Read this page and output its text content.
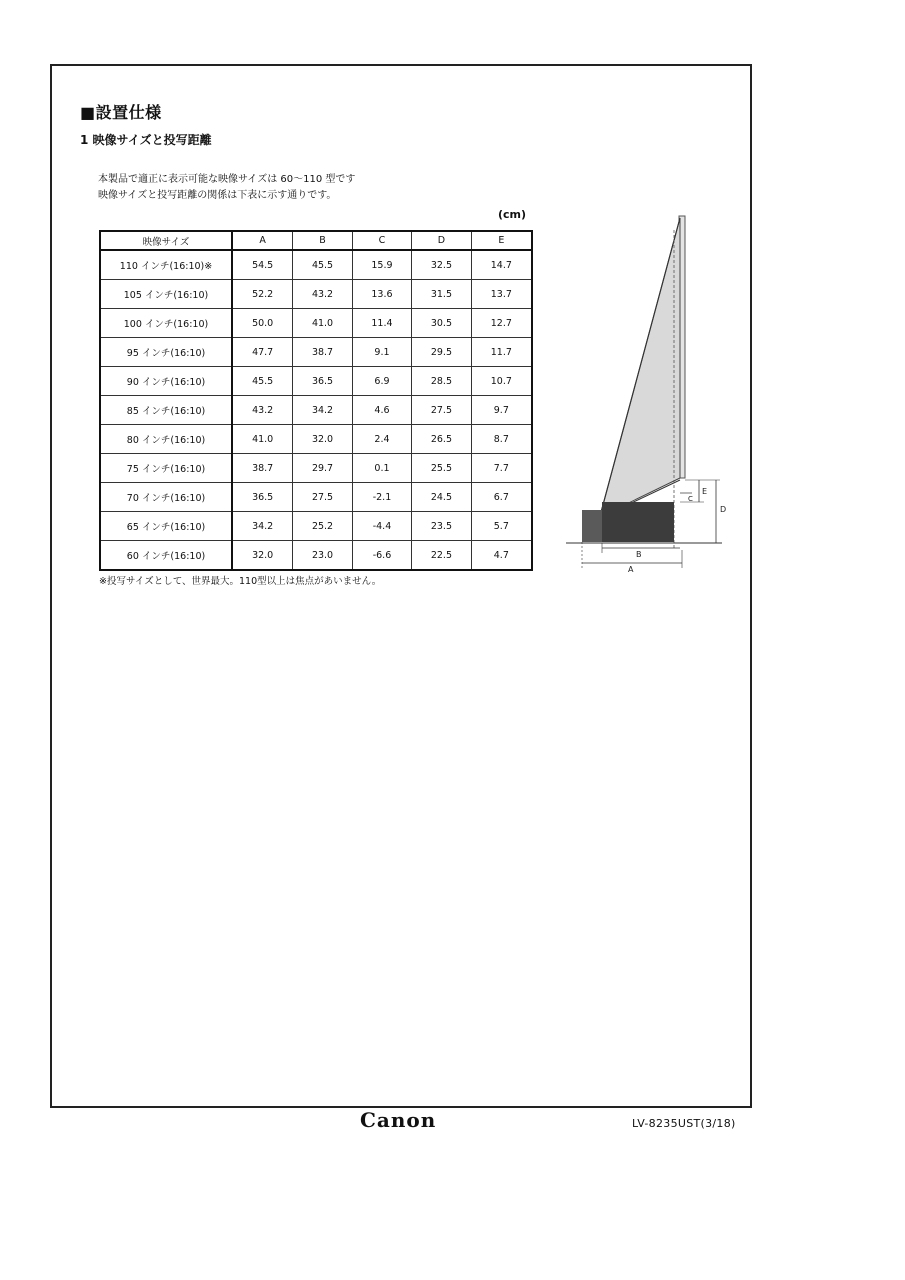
■設置仕様
1 映像サイズと投写距離
本製品で適正に表示可能な映像サイズは 60～110 型です
映像サイズと投写距離の関係は下表に示す通りです。
(cm)
映像サイズ	A	B	C	D	E
110 インチ(16:10)※	54.5	45.5	15.9	32.5	14.7
105 インチ(16:10)	52.2	43.2	13.6	31.5	13.7
100 インチ(16:10)	50.0	41.0	11.4	30.5	12.7
95 インチ(16:10)	47.7	38.7	9.1	29.5	11.7
90 インチ(16:10)	45.5	36.5	6.9	28.5	10.7
85 インチ(16:10)	43.2	34.2	4.6	27.5	9.7
80 インチ(16:10)	41.0	32.0	2.4	26.5	8.7
75 インチ(16:10)	38.7	29.7	0.1	25.5	7.7
70 インチ(16:10)	36.5	27.5	-2.1	24.5	6.7
65 インチ(16:10)	34.2	25.2	-4.4	23.5	5.7
60 インチ(16:10)	32.0	23.0	-6.6	22.5	4.7
※投写サイズとして、世界最大。110型以上は焦点があいません。
D
E
C
B
A
Canon	LV-8235UST(3/18)
